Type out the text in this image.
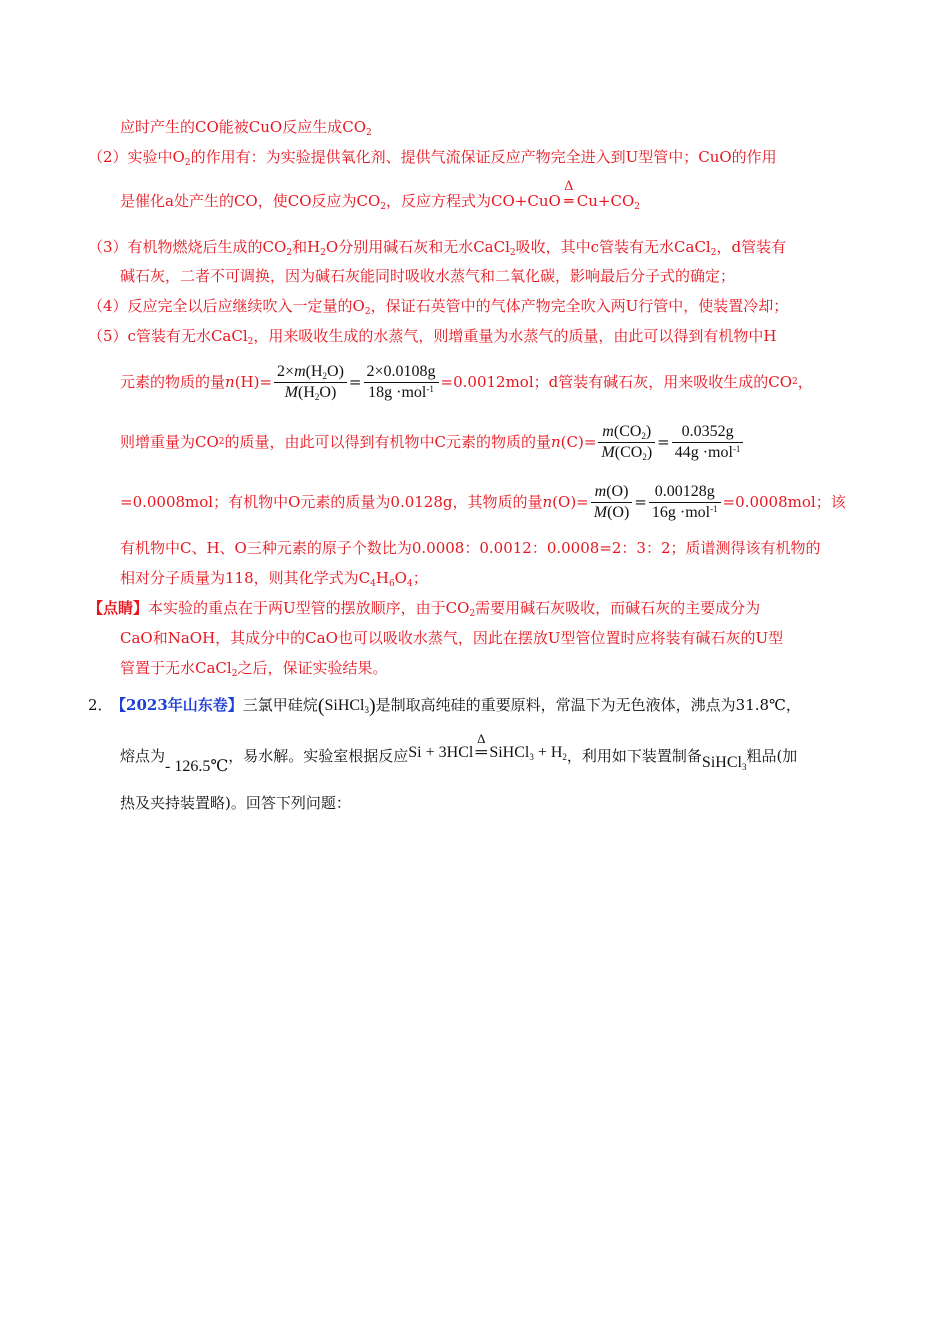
应时产生的CO能被CuO反应生成$CO_2$
（2）实验中$O_2$的作用有：为实验提供氧化剂、提供气流保证反应产物完全进入到U型管中；CuO的作用
是催化a处产生的CO，使CO反应为$CO_2$，反应方程式为CO+CuO
Δ
═ $Cu+CO_2$
（3）有机物燃烧后生成的$CO_2$和$H_2O$分别用碱石灰和无水CaCl$_2$吸收，其中c管装有无水CaCl$_2$，d管装有
碱石灰，二者不可调换，因为碱石灰能同时吸收水蒸气和二氧化碳，影响最后分子式的确定；
（4）反应完全以后应继续吹入一定量的$O_2$，保证石英管中的气体产物完全吹入两U行管中，使装置冷却；
（5）c管装有无水CaCl$_2$，用来吸收生成的水蒸气，则增重量为水蒸气的质量，由此可以得到有机物中H
元素的物质的量 n $(H)= \frac{2\times m(H_2O)}{M(H_2O)} = \frac{2\times 0.0108g}{18g \cdot mol^{-1}} =0.0012mol$；d管装有碱石灰，用来吸收生成的CO 2 ，
则增重量为CO 2 的质量，由此可以得到有机物中C元素的物质的量 n $(C)= \frac{m(CO_2)}{M(CO_2)} = \frac{0.0352g}{44g \cdot mol^{-1}}$
=0.0008mol；有机物中O元素的质量为0.0128g，其物质的量 n $(O)= \frac{m(O)}{M(O)} = \frac{0.00128g}{16g \cdot mol^{-1}} =0.0008mol$；该
有机物中C、H、O三种元素的原子个数比为0.0008：0.0012：0.0008=2：3：2；质谱测得该有机物的
相对分子质量为118，则其化学式为$C_4H_6O_4$；
【点睛】本实验的重点在于两U型管的摆放顺序，由于$CO_2$需要用碱石灰吸收，而碱石灰的主要成分为
CaO和NaOH，其成分中的CaO也可以吸收水蒸气，因此在摆放U型管位置时应将装有碱石灰的U型
管置于无水CaCl$_2$之后，保证实验结果。
2． 【2023年山东卷】三氯甲硅烷(SiHCl$_3$)是制取高纯硅的重要原料，常温下为无色液体，沸点为31.8℃，
熔点为- 126.5℃，易水解。实验室根据反应Si + 3HCl
Δ
═ SiHCl$_3$ + $H_2$，利用如下装置制备SiHCl$_3$粗品(加
热及夹持装置略)。回答下列问题：
